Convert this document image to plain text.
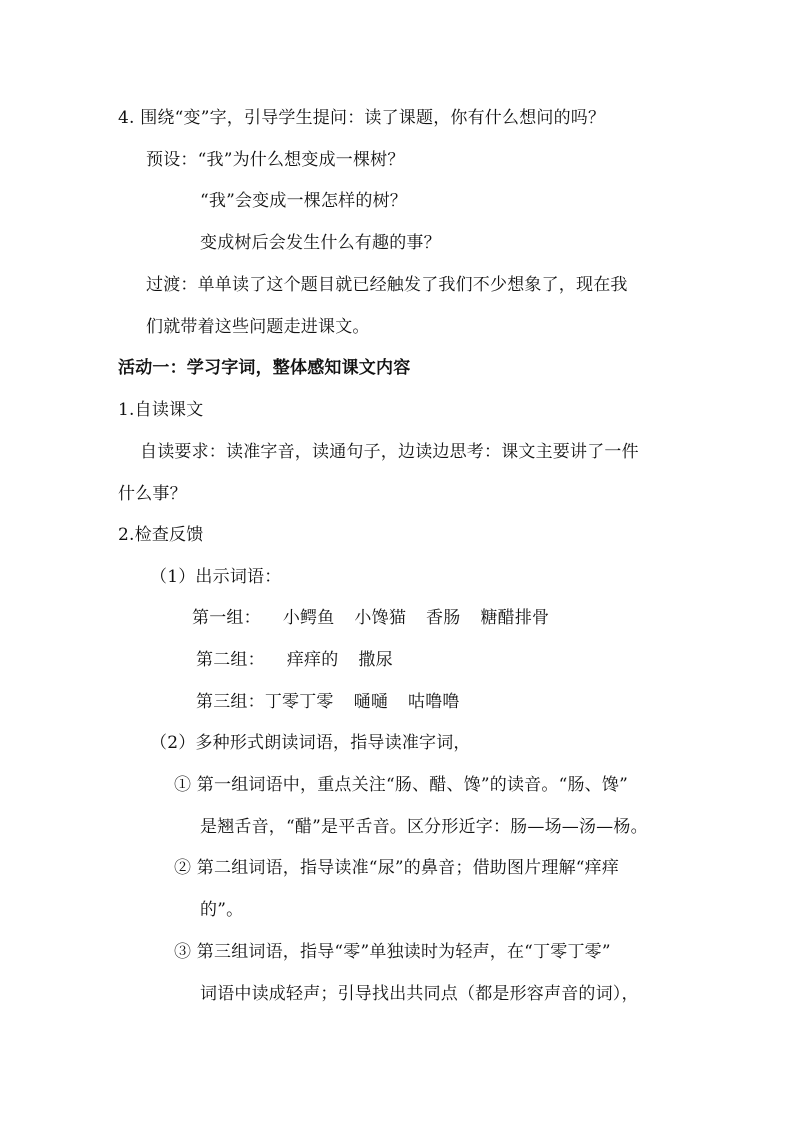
4. 围绕“变”字，引导学生提问：读了课题，你有什么想问的吗？
预设：“我”为什么想变成一棵树？
“我”会变成一棵怎样的树？
变成树后会发生什么有趣的事？
过渡：单单读了这个题目就已经触发了我们不少想象了，现在我
们就带着这些问题走进课文。
活动一：学习字词，整体感知课文内容
1.自读课文
自读要求：读准字音，读通句子，边读边思考：课文主要讲了一件
什么事？
2.检查反馈
（1）出示词语：
第一组： 小鳄鱼 小馋猫 香肠 糖醋排骨
第二组： 痒痒的 撒尿
第三组：丁零丁零 嗵嗵 咕噜噜
（2）多种形式朗读词语，指导读准字词，
① 第一组词语中，重点关注“肠、醋、馋”的读音。“肠、馋”
是翘舌音，“醋”是平舌音。区分形近字：肠—场—汤—杨。
② 第二组词语，指导读准“尿”的鼻音；借助图片理解“痒痒
的”。
③ 第三组词语，指导“零”单独读时为轻声，在“丁零丁零”
词语中读成轻声；引导找出共同点（都是形容声音的词），
